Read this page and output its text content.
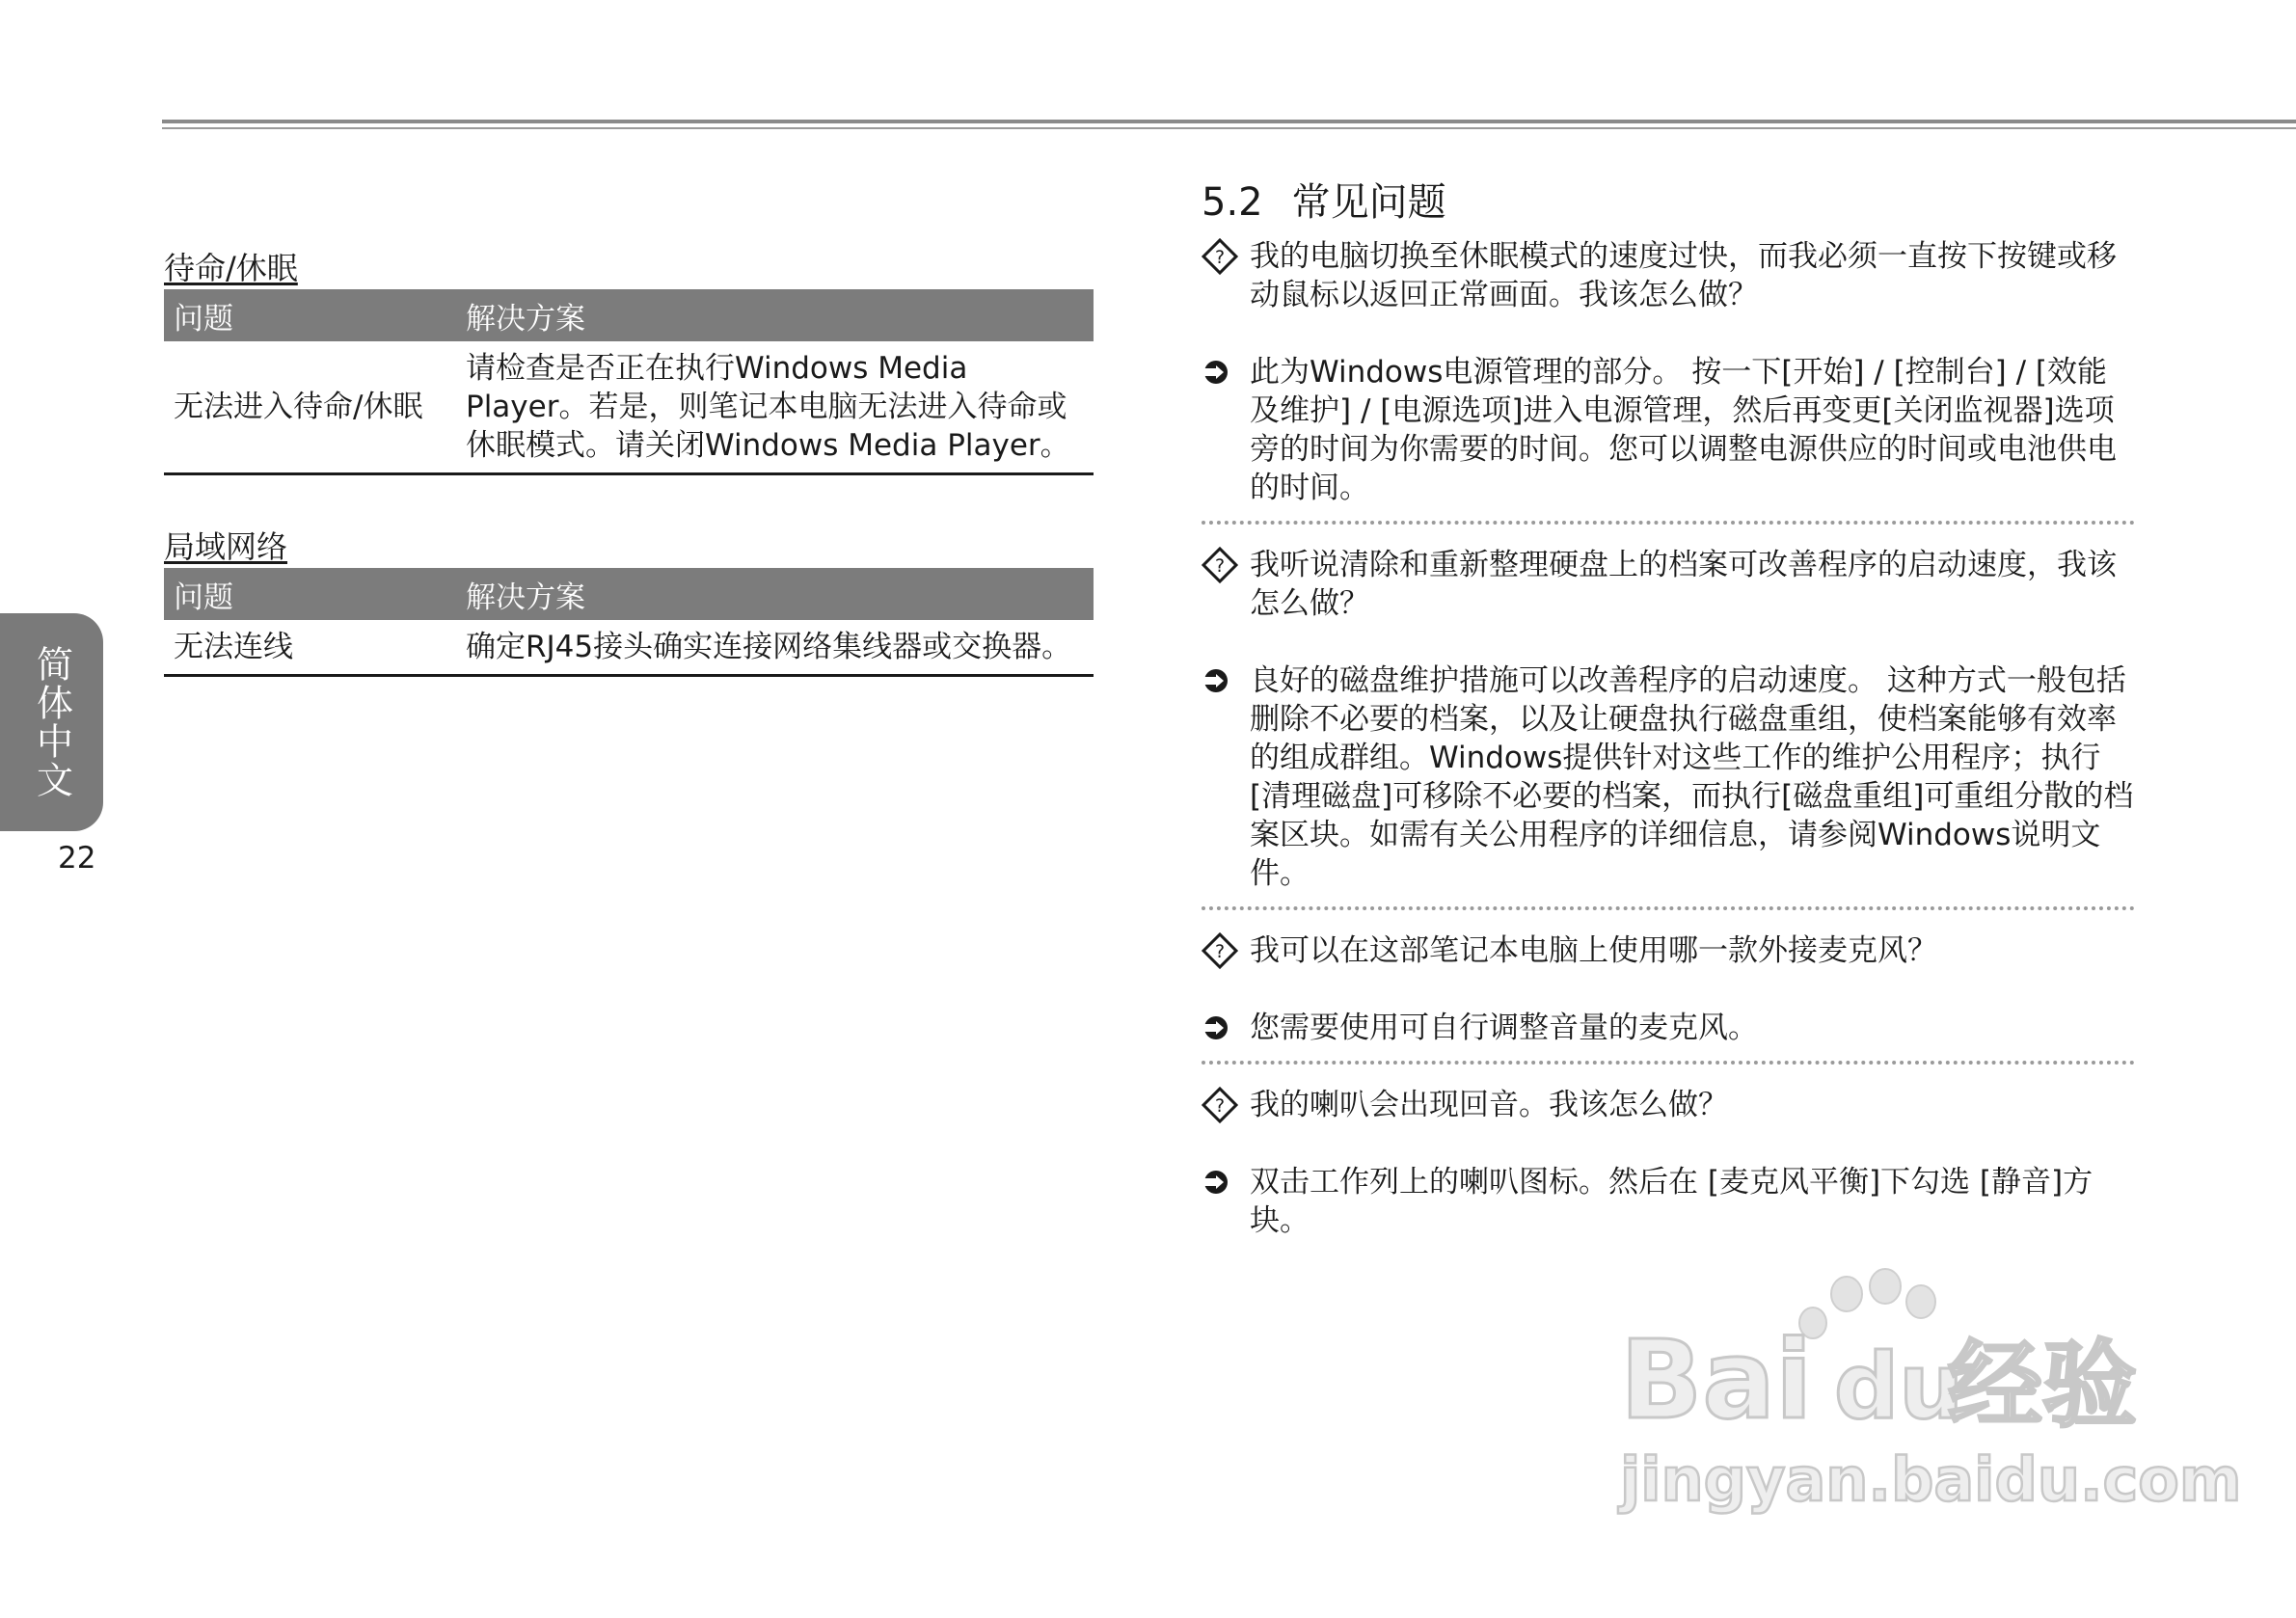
简体中文
22
待命/休眠
问题	解决方案
无法进入待命/休眠	请检查是否正在执行Windows Media Player。若是，则笔记本电脑无法进入待命或休眠模式。请关闭Windows Media Player。
局域网络
问题	解决方案
无法连线	确定RJ45接头确实连接网络集线器或交换器。
5.2 常见问题
? 我的电脑切换至休眠模式的速度过快，而我必须一直按下按键或移动鼠标以返回正常画面。我该怎么做？
此为Windows电源管理的部分。 按一下[开始] / [控制台] / [效能及维护] / [电源选项]进入电源管理，然后再变更[关闭监视器]选项旁的时间为你需要的时间。您可以调整电源供应的时间或电池供电的时间。
? 我听说清除和重新整理硬盘上的档案可改善程序的启动速度，我该怎么做？
良好的磁盘维护措施可以改善程序的启动速度。 这种方式一般包括删除不必要的档案，以及让硬盘执行磁盘重组，使档案能够有效率的组成群组。Windows提供针对这些工作的维护公用程序；执行[清理磁盘]可移除不必要的档案，而执行[磁盘重组]可重组分散的档案区块。如需有关公用程序的详细信息，请参阅Windows说明文件。
? 我可以在这部笔记本电脑上使用哪一款外接麦克风？
您需要使用可自行调整音量的麦克风。
? 我的喇叭会出现回音。我该怎么做？
双击工作列上的喇叭图标。然后在 [麦克风平衡]下勾选 [静音]方块。
Bai du
经验
jingyan.baidu.com
